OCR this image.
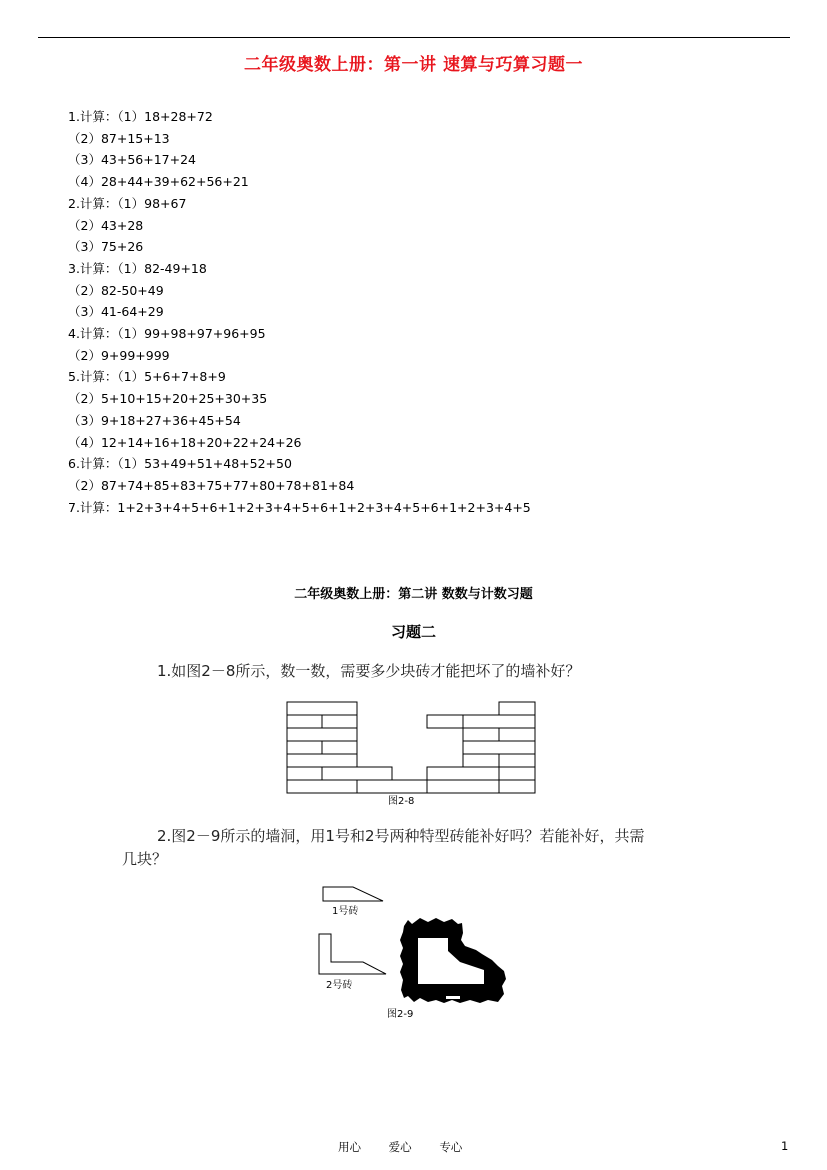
二年级奥数上册：第一讲 速算与巧算习题一
1.计算：（1）18+28+72
（2）87+15+13
（3）43+56+17+24
（4）28+44+39+62+56+21
2.计算：（1）98+67
（2）43+28
（3）75+26
3.计算：（1）82-49+18
（2）82-50+49
（3）41-64+29
4.计算：（1）99+98+97+96+95
（2）9+99+999
5.计算：（1）5+6+7+8+9
（2）5+10+15+20+25+30+35
（3）9+18+27+36+45+54
（4）12+14+16+18+20+22+24+26
6.计算：（1）53+49+51+48+52+50
（2）87+74+85+83+75+77+80+78+81+84
7.计算：1+2+3+4+5+6+1+2+3+4+5+6+1+2+3+4+5+6+1+2+3+4+5
二年级奥数上册：第二讲 数数与计数习题
习题二
1.如图2－8所示，数一数，需要多少块砖才能把坏了的墙补好？
图2-8
2.图2－9所示的墙洞，用1号和2号两种特型砖能补好吗？若能补好，共需
几块？
1号砖
2号砖
图2-9
用心 爱心 专心	1
